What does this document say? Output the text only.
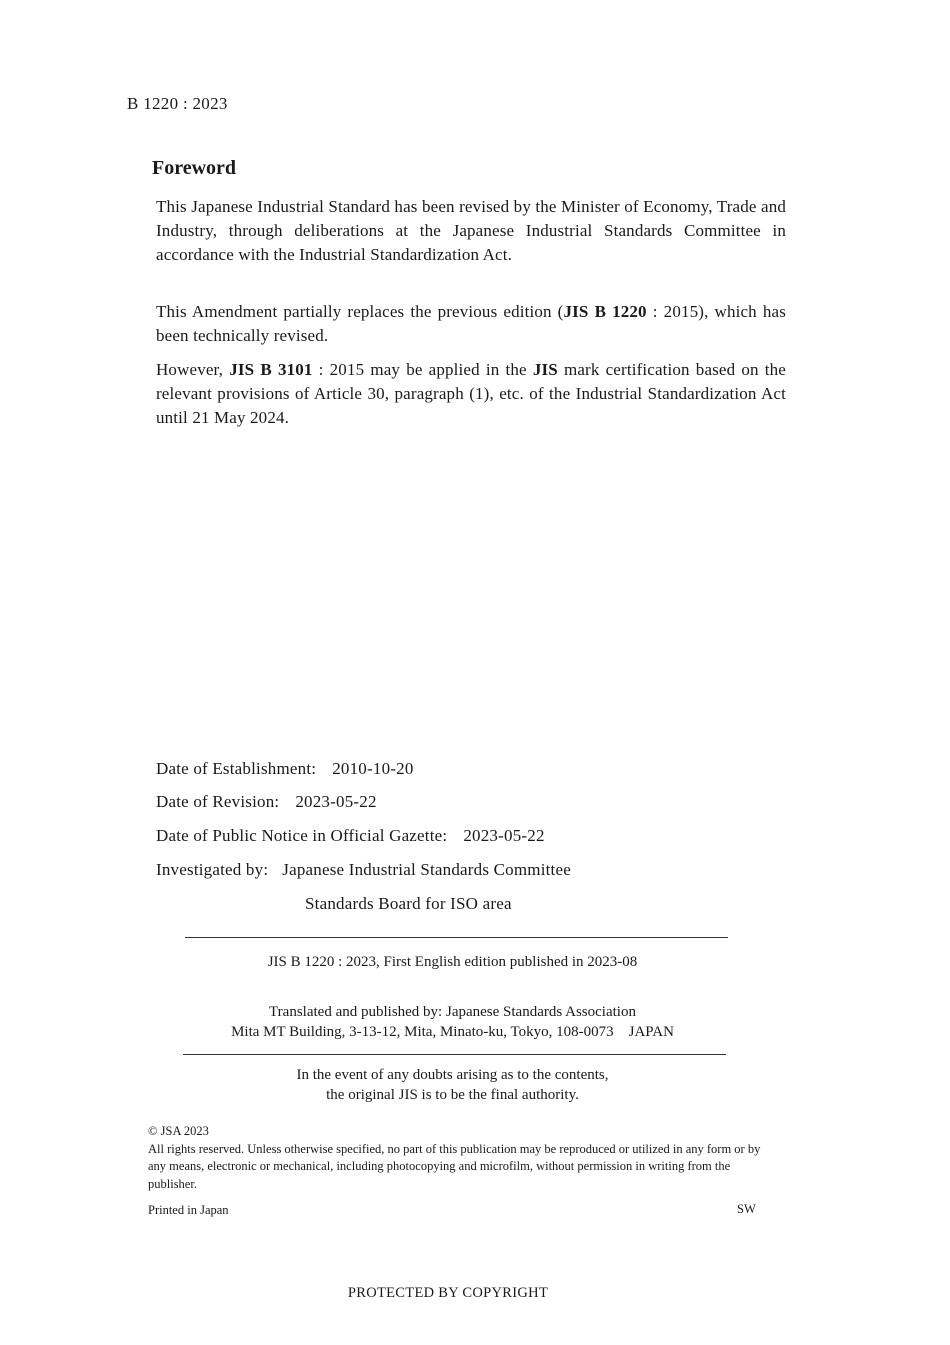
B 1220 : 2023
Foreword
This Japanese Industrial Standard has been revised by the Minister of Economy, Trade and Industry, through deliberations at the Japanese Industrial Standards Committee in accordance with the Industrial Standardization Act.
This Amendment partially replaces the previous edition (JIS B 1220 : 2015), which has been technically revised.
However, JIS B 3101 : 2015 may be applied in the JIS mark certification based on the relevant provisions of Article 30, paragraph (1), etc. of the Industrial Standardization Act until 21 May 2024.
Date of Establishment: 2010-10-20
Date of Revision: 2023-05-22
Date of Public Notice in Official Gazette: 2023-05-22
Investigated by: Japanese Industrial Standards Committee
Standards Board for ISO area
JIS B 1220 : 2023, First English edition published in 2023-08
Translated and published by: Japanese Standards Association
Mita MT Building, 3-13-12, Mita, Minato-ku, Tokyo, 108-0073　JAPAN
In the event of any doubts arising as to the contents,
the original JIS is to be the final authority.
© JSA 2023
All rights reserved. Unless otherwise specified, no part of this publication may be reproduced or utilized in any form or by any means, electronic or mechanical, including photocopying and microfilm, without permission in writing from the publisher.
Printed in Japan	SW
PROTECTED BY COPYRIGHT
